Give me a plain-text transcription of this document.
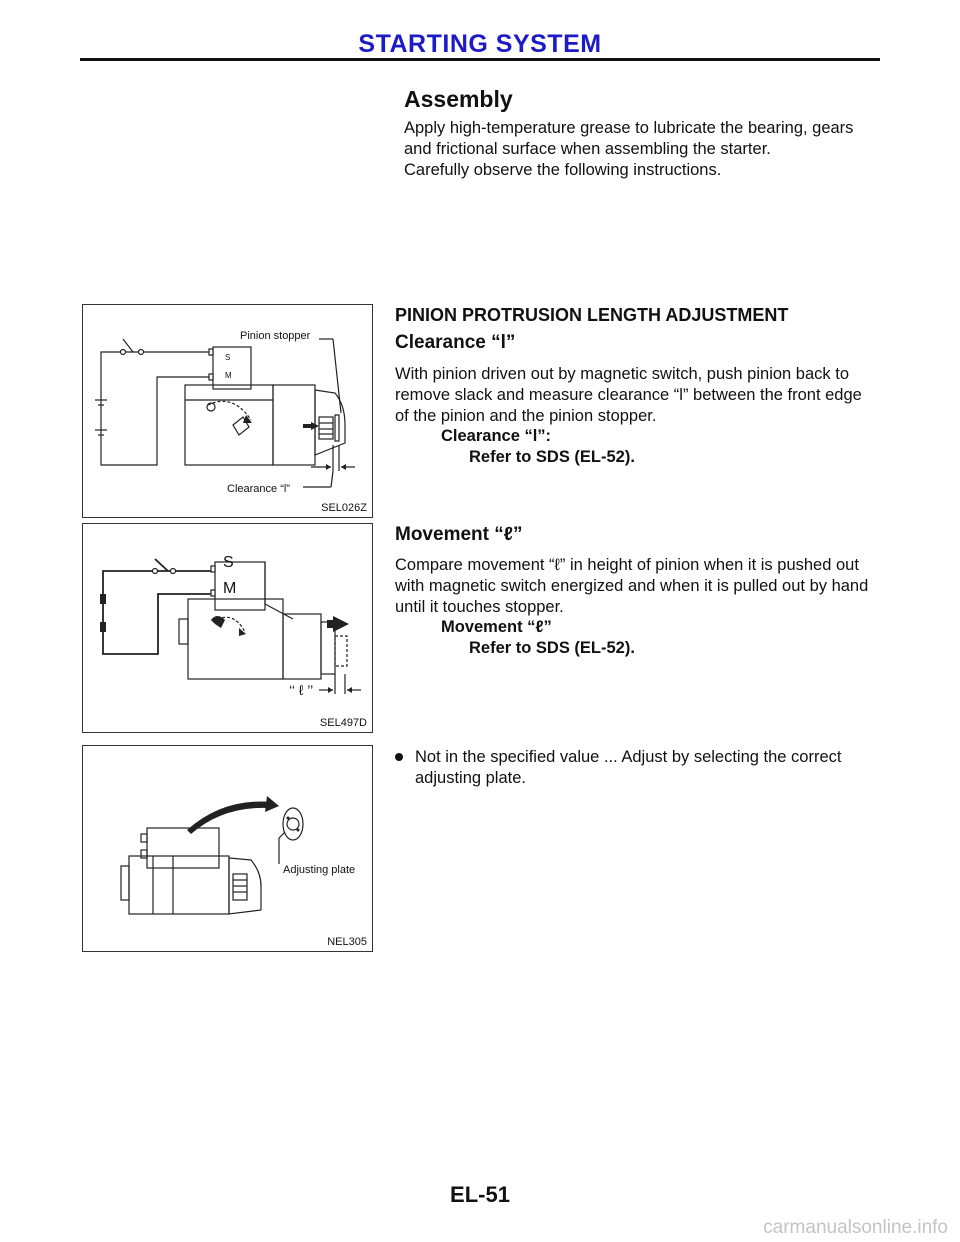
STARTING SYSTEM
Assembly
Apply high-temperature grease to lubricate the bearing, gears
and frictional surface when assembling the starter.
Carefully observe the following instructions.
S
M
Pinion stopper
Clearance “l”
SEL026Z
PINION PROTRUSION LENGTH ADJUSTMENT
Clearance “l”
With pinion driven out by magnetic switch, push pinion back to
remove slack and measure clearance “l” between the front edge
of the pinion and the pinion stopper.
Clearance “l”:
Refer to SDS (EL-52).
S
M
‘‘ ℓ ’’
SEL497D
Movement “ℓ”
Compare movement “ℓ” in height of pinion when it is pushed out
with magnetic switch energized and when it is pulled out by hand
until it touches stopper.
Movement “ℓ”
Refer to SDS (EL-52).
Adjusting plate
NEL305
Not in the specified value ... Adjust by selecting the correct
adjusting plate.
EL-51
carmanualsonline.info
